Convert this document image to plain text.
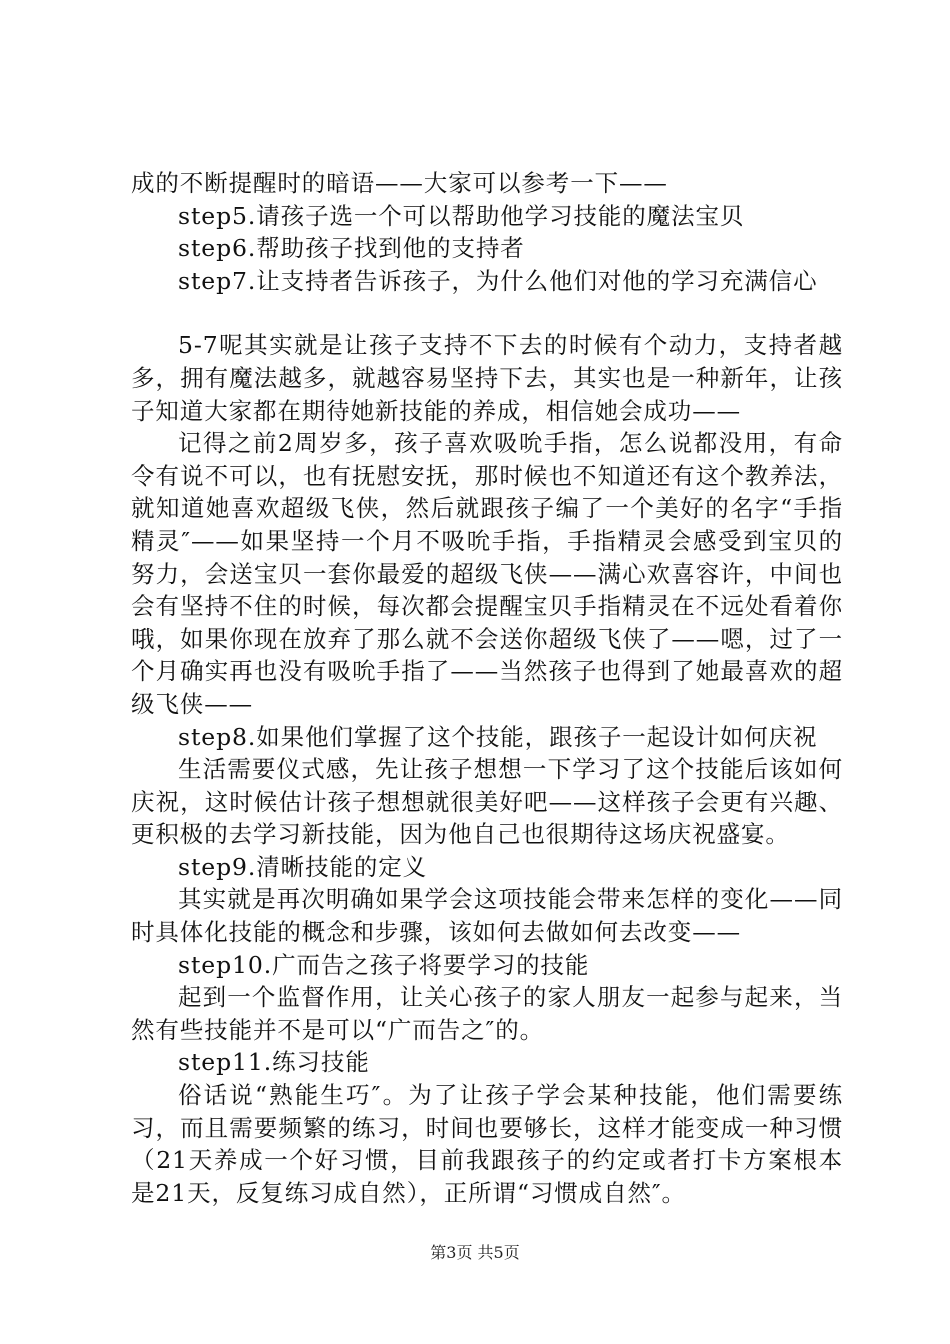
成的不断提醒时的暗语——大家可以参考一下——

step5.请孩子选一个可以帮助他学习技能的魔法宝贝

step6.帮助孩子找到他的支持者

step7.让支持者告诉孩子，为什么他们对他的学习充满信心

5-7呢其实就是让孩子支持不下去的时候有个动力，支持者越多，拥有魔法越多，就越容易坚持下去，其实也是一种新年，让孩子知道大家都在期待她新技能的养成，相信她会成功——

记得之前2周岁多，孩子喜欢吸吮手指，怎么说都没用，有命令有说不可以，也有抚慰安抚，那时候也不知道还有这个教养法，就知道她喜欢超级飞侠，然后就跟孩子编了一个美好的名字“手指精灵″——如果坚持一个月不吸吮手指，手指精灵会感受到宝贝的努力，会送宝贝一套你最爱的超级飞侠——满心欢喜容许，中间也会有坚持不住的时候，每次都会提醒宝贝手指精灵在不远处看着你哦，如果你现在放弃了那么就不会送你超级飞侠了——嗯，过了一个月确实再也没有吸吮手指了——当然孩子也得到了她最喜欢的超级飞侠——

step8.如果他们掌握了这个技能，跟孩子一起设计如何庆祝

生活需要仪式感，先让孩子想想一下学习了这个技能后该如何庆祝，这时候估计孩子想想就很美好吧——这样孩子会更有兴趣、更积极的去学习新技能，因为他自己也很期待这场庆祝盛宴。

step9.清晰技能的定义

其实就是再次明确如果学会这项技能会带来怎样的变化——同时具体化技能的概念和步骤，该如何去做如何去改变——

step10.广而告之孩子将要学习的技能

起到一个监督作用，让关心孩子的家人朋友一起参与起来，当然有些技能并不是可以“广而告之″的。

step11.练习技能

俗话说“熟能生巧″。为了让孩子学会某种技能，他们需要练习，而且需要频繁的练习，时间也要够长，这样才能变成一种习惯（21天养成一个好习惯，目前我跟孩子的约定或者打卡方案根本是21天，反复练习成自然），正所谓“习惯成自然″。

第3页 共5页
